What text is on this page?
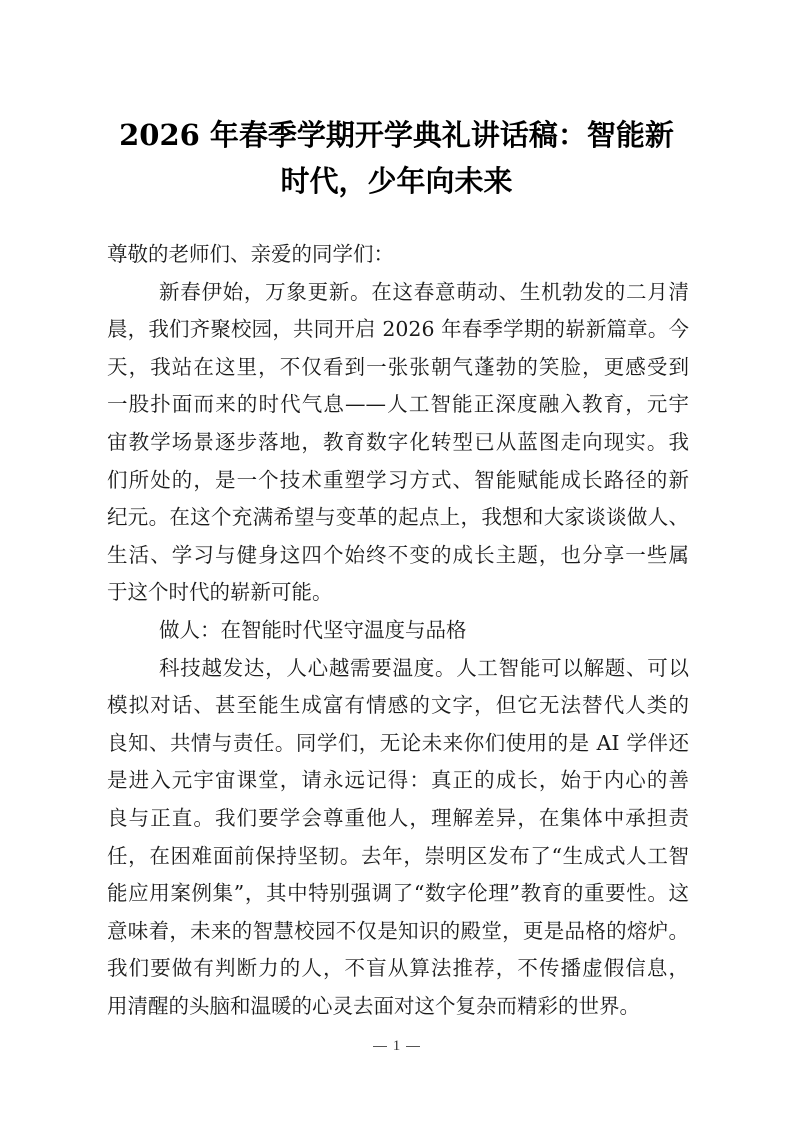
2026 年春季学期开学典礼讲话稿：智能新
时代，少年向未来
尊敬的老师们、亲爱的同学们：
新春伊始，万象更新。在这春意萌动、生机勃发的二月清
晨，我们齐聚校园，共同开启 2026 年春季学期的崭新篇章。今
天，我站在这里，不仅看到一张张朝气蓬勃的笑脸，更感受到
一股扑面而来的时代气息——人工智能正深度融入教育，元宇
宙教学场景逐步落地，教育数字化转型已从蓝图走向现实。我
们所处的，是一个技术重塑学习方式、智能赋能成长路径的新
纪元。在这个充满希望与变革的起点上，我想和大家谈谈做人、
生活、学习与健身这四个始终不变的成长主题，也分享一些属
于这个时代的崭新可能。
做人：在智能时代坚守温度与品格
科技越发达，人心越需要温度。人工智能可以解题、可以
模拟对话、甚至能生成富有情感的文字，但它无法替代人类的
良知、共情与责任。同学们，无论未来你们使用的是 AI 学伴还
是进入元宇宙课堂，请永远记得：真正的成长，始于内心的善
良与正直。我们要学会尊重他人，理解差异，在集体中承担责
任，在困难面前保持坚韧。去年，崇明区发布了“生成式人工智
能应用案例集”，其中特别强调了“数字伦理”教育的重要性。这
意味着，未来的智慧校园不仅是知识的殿堂，更是品格的熔炉。
我们要做有判断力的人，不盲从算法推荐，不传播虚假信息，
用清醒的头脑和温暖的心灵去面对这个复杂而精彩的世界。
1
